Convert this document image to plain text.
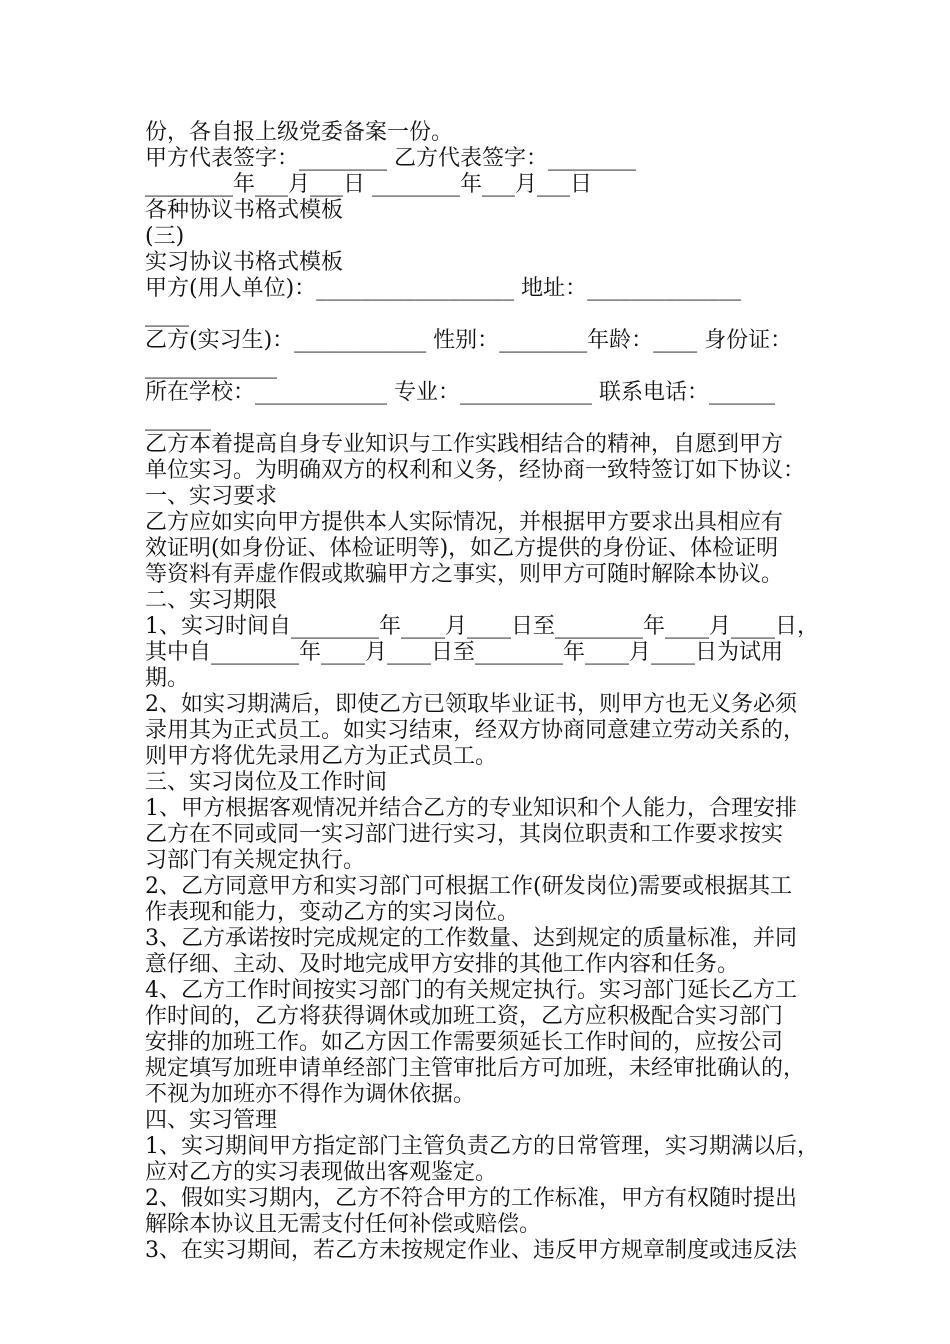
份，各自报上级党委备案一份。
甲方代表签字：________ 乙方代表签字：________
________年___月___日 ________年___月___日
各种协议书格式模板
(三)
实习协议书格式模板
甲方(用人单位)：__________________ 地址：______________
____
乙方(实习生)：____________ 性别：________年龄：____ 身份证：
____________
所在学校：____________ 专业：____________ 联系电话：______
______
乙方本着提高自身专业知识与工作实践相结合的精神，自愿到甲方
单位实习。为明确双方的权利和义务，经协商一致特签订如下协议：
一、实习要求
乙方应如实向甲方提供本人实际情况，并根据甲方要求出具相应有
效证明(如身份证、体检证明等)，如乙方提供的身份证、体检证明
等资料有弄虚作假或欺骗甲方之事实，则甲方可随时解除本协议。
二、实习期限
1、实习时间自________年____月____日至________年____月____日，
其中自________年____月____日至________年____月____日为试用
期。
2、如实习期满后，即使乙方已领取毕业证书，则甲方也无义务必须
录用其为正式员工。如实习结束，经双方协商同意建立劳动关系的，
则甲方将优先录用乙方为正式员工。
三、实习岗位及工作时间
1、甲方根据客观情况并结合乙方的专业知识和个人能力，合理安排
乙方在不同或同一实习部门进行实习，其岗位职责和工作要求按实
习部门有关规定执行。
2、乙方同意甲方和实习部门可根据工作(研发岗位)需要或根据其工
作表现和能力，变动乙方的实习岗位。
3、乙方承诺按时完成规定的工作数量、达到规定的质量标准，并同
意仔细、主动、及时地完成甲方安排的其他工作内容和任务。
4、乙方工作时间按实习部门的有关规定执行。实习部门延长乙方工
作时间的，乙方将获得调休或加班工资，乙方应积极配合实习部门
安排的加班工作。如乙方因工作需要须延长工作时间的，应按公司
规定填写加班申请单经部门主管审批后方可加班，未经审批确认的，
不视为加班亦不得作为调休依据。
四、实习管理
1、实习期间甲方指定部门主管负责乙方的日常管理，实习期满以后，
应对乙方的实习表现做出客观鉴定。
2、假如实习期内，乙方不符合甲方的工作标准，甲方有权随时提出
解除本协议且无需支付任何补偿或赔偿。
3、在实习期间，若乙方未按规定作业、违反甲方规章制度或违反法
